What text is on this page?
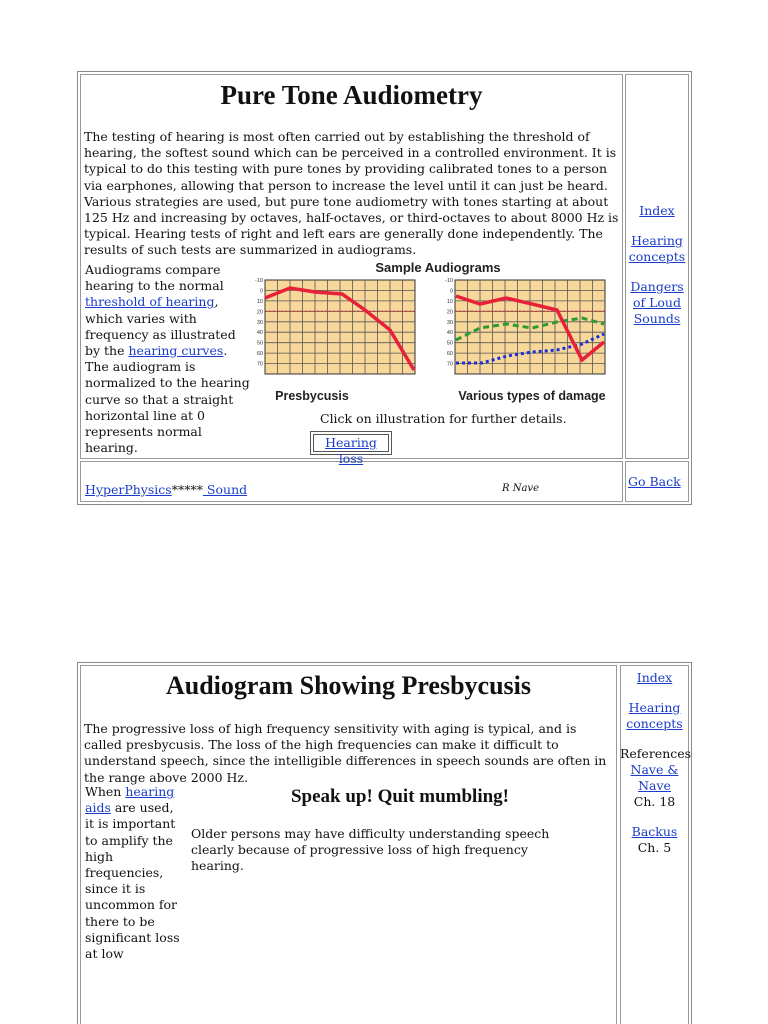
Pure Tone Audiometry
The testing of hearing is most often carried out by establishing the threshold of hearing, the softest sound which can be perceived in a controlled environment. It is typical to do this testing with pure tones by providing calibrated tones to a person via earphones, allowing that person to increase the level until it can just be heard. Various strategies are used, but pure tone audiometry with tones starting at about 125 Hz and increasing by octaves, half-octaves, or third-octaves to about 8000 Hz is typical. Hearing tests of right and left ears are generally done independently. The results of such tests are summarized in audiograms.
Audiograms compare hearing to the normal threshold of hearing, which varies with frequency as illustrated by the hearing curves. The audiogram is normalized to the hearing curve so that a straight horizontal line at 0 represents normal hearing.
Sample Audiograms
-10
0
10
20
30
40
50
60
70
Presbycusis
-10
0
10
20
30
40
50
60
70
Various types of damage
Click on illustration for further details.
Hearing loss
Index
Hearing concepts
Dangers of Loud Sounds
HyperPhysics***** Sound	R Nave	Go Back
Audiogram Showing Presbycusis
The progressive loss of high frequency sensitivity with aging is typical, and is called presbycusis. The loss of the high frequencies can make it difficult to understand speech, since the intelligible differences in speech sounds are often in the range above 2000 Hz.
When hearing aids are used, it is important to amplify the high frequencies, since it is uncommon for there to be significant loss at low
Speak up! Quit mumbling!
Older persons may have difficulty understanding speech clearly because of progressive loss of high frequency hearing.
Index
Hearing concepts
References
Nave & Nave
Ch. 18
Backus
Ch. 5
